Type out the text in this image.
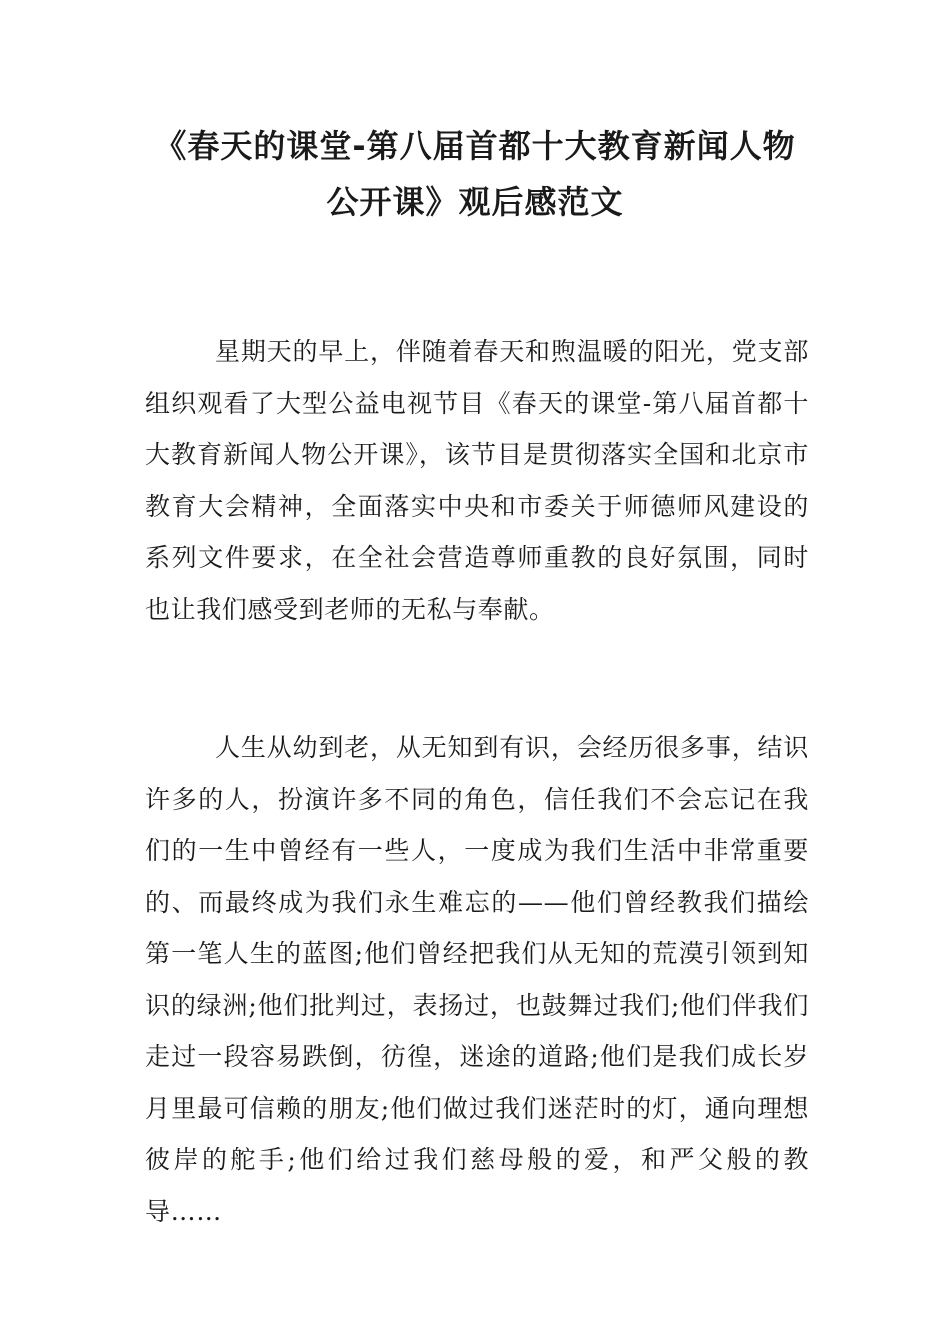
《春天的课堂-第八届首都十大教育新闻人物公开课》观后感范文

星期天的早上，伴随着春天和煦温暖的阳光，党支部组织观看了大型公益电视节目《春天的课堂-第八届首都十大教育新闻人物公开课》，该节目是贯彻落实全国和北京市教育大会精神，全面落实中央和市委关于师德师风建设的系列文件要求，在全社会营造尊师重教的良好氛围，同时也让我们感受到老师的无私与奉献。

人生从幼到老，从无知到有识，会经历很多事，结识许多的人，扮演许多不同的角色，信任我们不会忘记在我们的一生中曾经有一些人，一度成为我们生活中非常重要的、而最终成为我们永生难忘的——他们曾经教我们描绘第一笔人生的蓝图;他们曾经把我们从无知的荒漠引领到知识的绿洲;他们批判过，表扬过，也鼓舞过我们;他们伴我们走过一段容易跌倒，彷徨，迷途的道路;他们是我们成长岁月里最可信赖的朋友;他们做过我们迷茫时的灯，通向理想彼岸的舵手;他们给过我们慈母般的爱，和严父般的教导……
